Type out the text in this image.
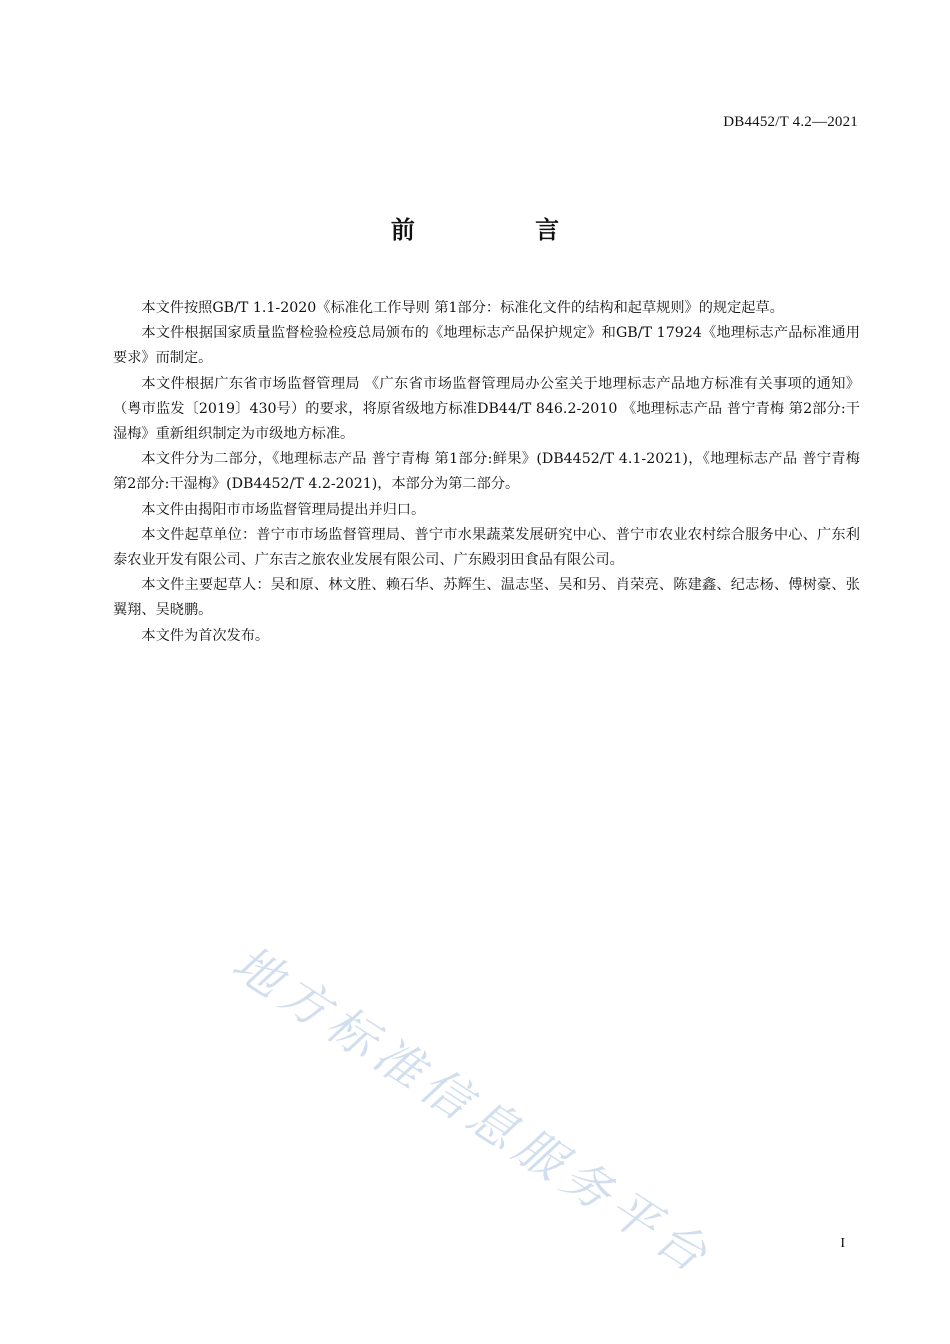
DB4452/T 4.2—2021
前 言

本文件按照GB/T 1.1-2020《标准化工作导则 第1部分：标准化文件的结构和起草规则》的规定起草。

本文件根据国家质量监督检验检疫总局颁布的《地理标志产品保护规定》和GB/T 17924《地理标志产品标准通用要求》而制定。

本文件根据广东省市场监督管理局 《广东省市场监督管理局办公室关于地理标志产品地方标准有关事项的通知》（粤市监发〔2019〕430号）的要求，将原省级地方标准DB44/T 846.2-2010 《地理标志产品 普宁青梅 第2部分:干湿梅》重新组织制定为市级地方标准。

本文件分为二部分，《地理标志产品 普宁青梅 第1部分:鲜果》(DB4452/T 4.1-2021)，《地理标志产品 普宁青梅 第2部分:干湿梅》(DB4452/T 4.2-2021)，本部分为第二部分。

本文件由揭阳市市场监督管理局提出并归口。

本文件起草单位：普宁市市场监督管理局、普宁市水果蔬菜发展研究中心、普宁市农业农村综合服务中心、广东利泰农业开发有限公司、广东吉之旅农业发展有限公司、广东殿羽田食品有限公司。

本文件主要起草人：吴和原、林文胜、赖石华、苏辉生、温志坚、吴和另、肖荣亮、陈建鑫、纪志杨、傅树豪、张翼翔、吴晓鹏。

本文件为首次发布。

地方标准信息服务平台	I
